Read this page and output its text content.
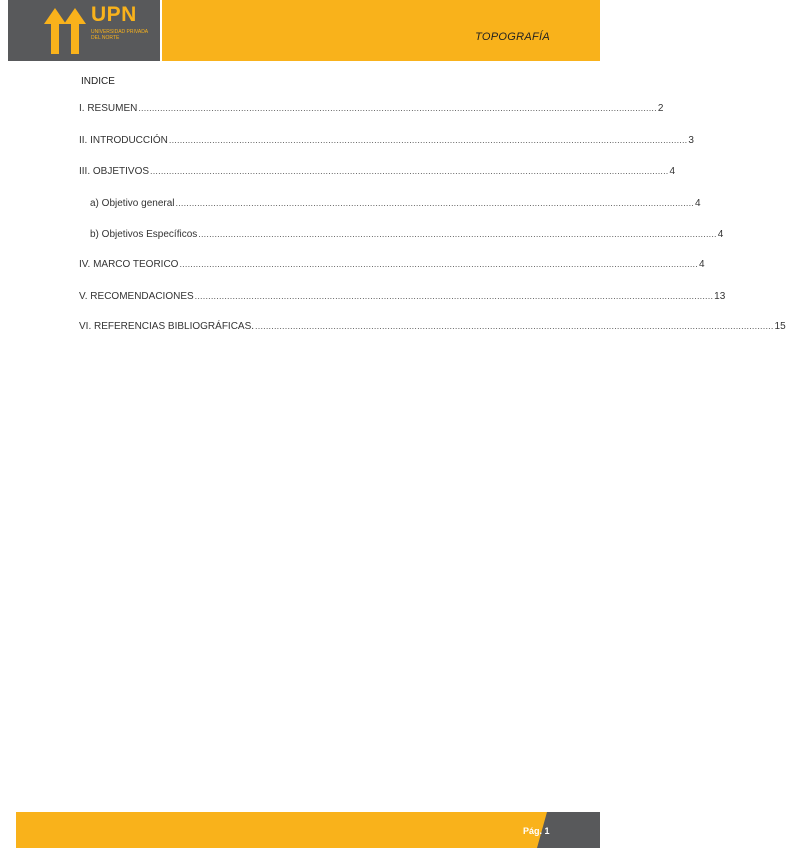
UPN
UNIVERSIDAD PRIVADA DEL NORTE	TOPOGRAFÍA
INDICE
I. RESUMEN ................................................................................................................................................................................................ 2
II. INTRODUCCIÓN ................................................................................................................................................................................................ 3
III. OBJETIVOS ................................................................................................................................................................................................ 4
a) Objetivo general ................................................................................................................................................................................................ 4
b) Objetivos Específicos ................................................................................................................................................................................................ 4
IV. MARCO TEORICO ................................................................................................................................................................................................ 4
V. RECOMENDACIONES ................................................................................................................................................................................................ 13
VI. REFERENCIAS BIBLIOGRÁFICAS. ................................................................................................................................................................................................ 15
Pág. 1
